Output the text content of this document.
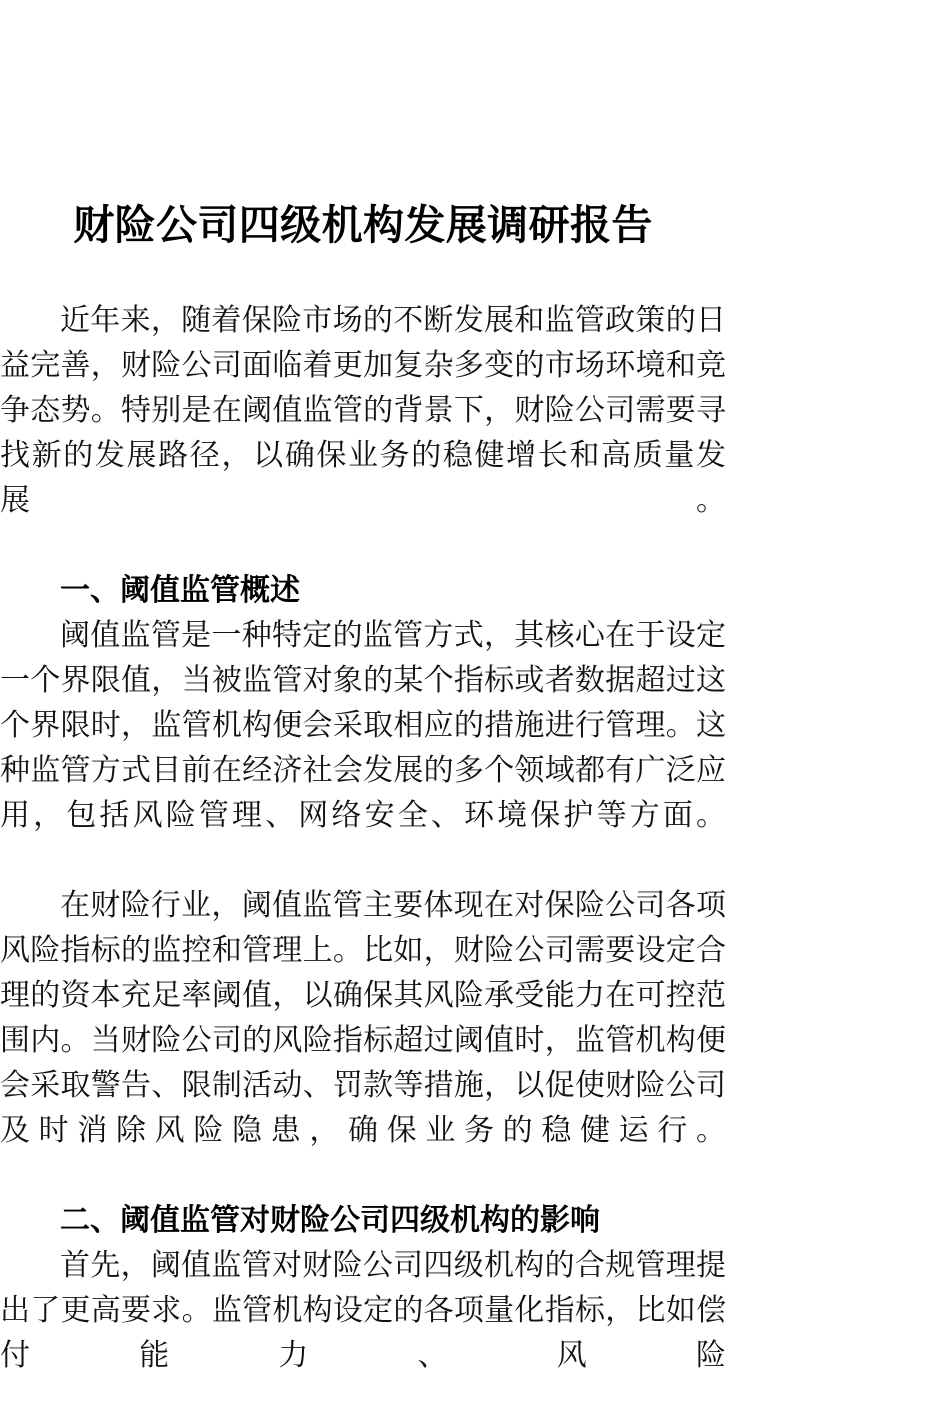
财险公司四级机构发展调研报告

近年来，随着保险市场的不断发展和监管政策的日益完善，财险公司面临着更加复杂多变的市场环境和竞争态势。特别是在阈值监管的背景下，财险公司需要寻找新的发展路径，以确保业务的稳健增长和高质量发展。

一、阈值监管概述

阈值监管是一种特定的监管方式，其核心在于设定一个界限值，当被监管对象的某个指标或者数据超过这个界限时，监管机构便会采取相应的措施进行管理。这种监管方式目前在经济社会发展的多个领域都有广泛应用，包括风险管理、网络安全、环境保护等方面。

在财险行业，阈值监管主要体现在对保险公司各项风险指标的监控和管理上。比如，财险公司需要设定合理的资本充足率阈值，以确保其风险承受能力在可控范围内。当财险公司的风险指标超过阈值时，监管机构便会采取警告、限制活动、罚款等措施，以促使财险公司及时消除风险隐患，确保业务的稳健运行。

二、阈值监管对财险公司四级机构的影响

首先，阈值监管对财险公司四级机构的合规管理提出了更高要求。监管机构设定的各项量化指标，比如偿付能力、风险
